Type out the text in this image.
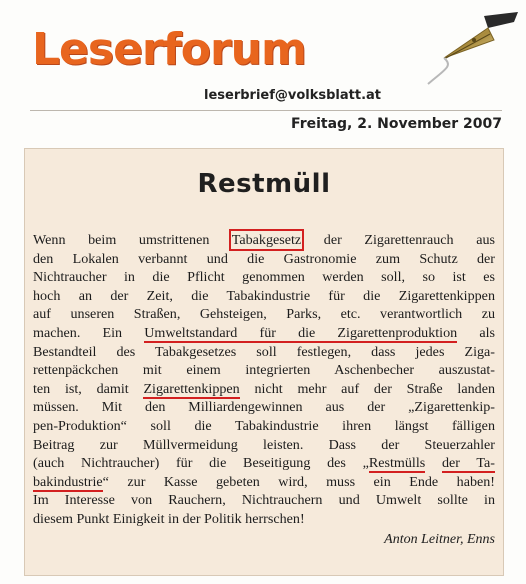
Leserforum
leserbrief@volksblatt.at
Freitag, 2. November 2007
Restmüll
Wenn beim umstrittenen Tabakgesetz der Zigarettenrauch aus
den Lokalen verbannt und die Gastronomie zum Schutz der
Nichtraucher in die Pflicht genommen werden soll, so ist es
hoch an der Zeit, die Tabakindustrie für die Zigarettenkippen
auf unseren Straßen, Gehsteigen, Parks, etc. verantwortlich zu
machen. Ein Umweltstandard für die Zigarettenproduktion als
Bestandteil des Tabakgesetzes soll festlegen, dass jedes Ziga-
rettenpäckchen mit einem integrierten Aschenbecher auszustat-
ten ist, damit Zigarettenkippen nicht mehr auf der Straße landen
müssen. Mit den Milliardengewinnen aus der „Zigarettenkip-
pen-Produktion“ soll die Tabakindustrie ihren längst fälligen
Beitrag zur Müllvermeidung leisten. Dass der Steuerzahler
(auch Nichtraucher) für die Beseitigung des „Restmülls der Ta-
bakindustrie“ zur Kasse gebeten wird, muss ein Ende haben!
Im Interesse von Rauchern, Nichtrauchern und Umwelt sollte in
diesem Punkt Einigkeit in der Politik herrschen!
Anton Leitner, Enns
